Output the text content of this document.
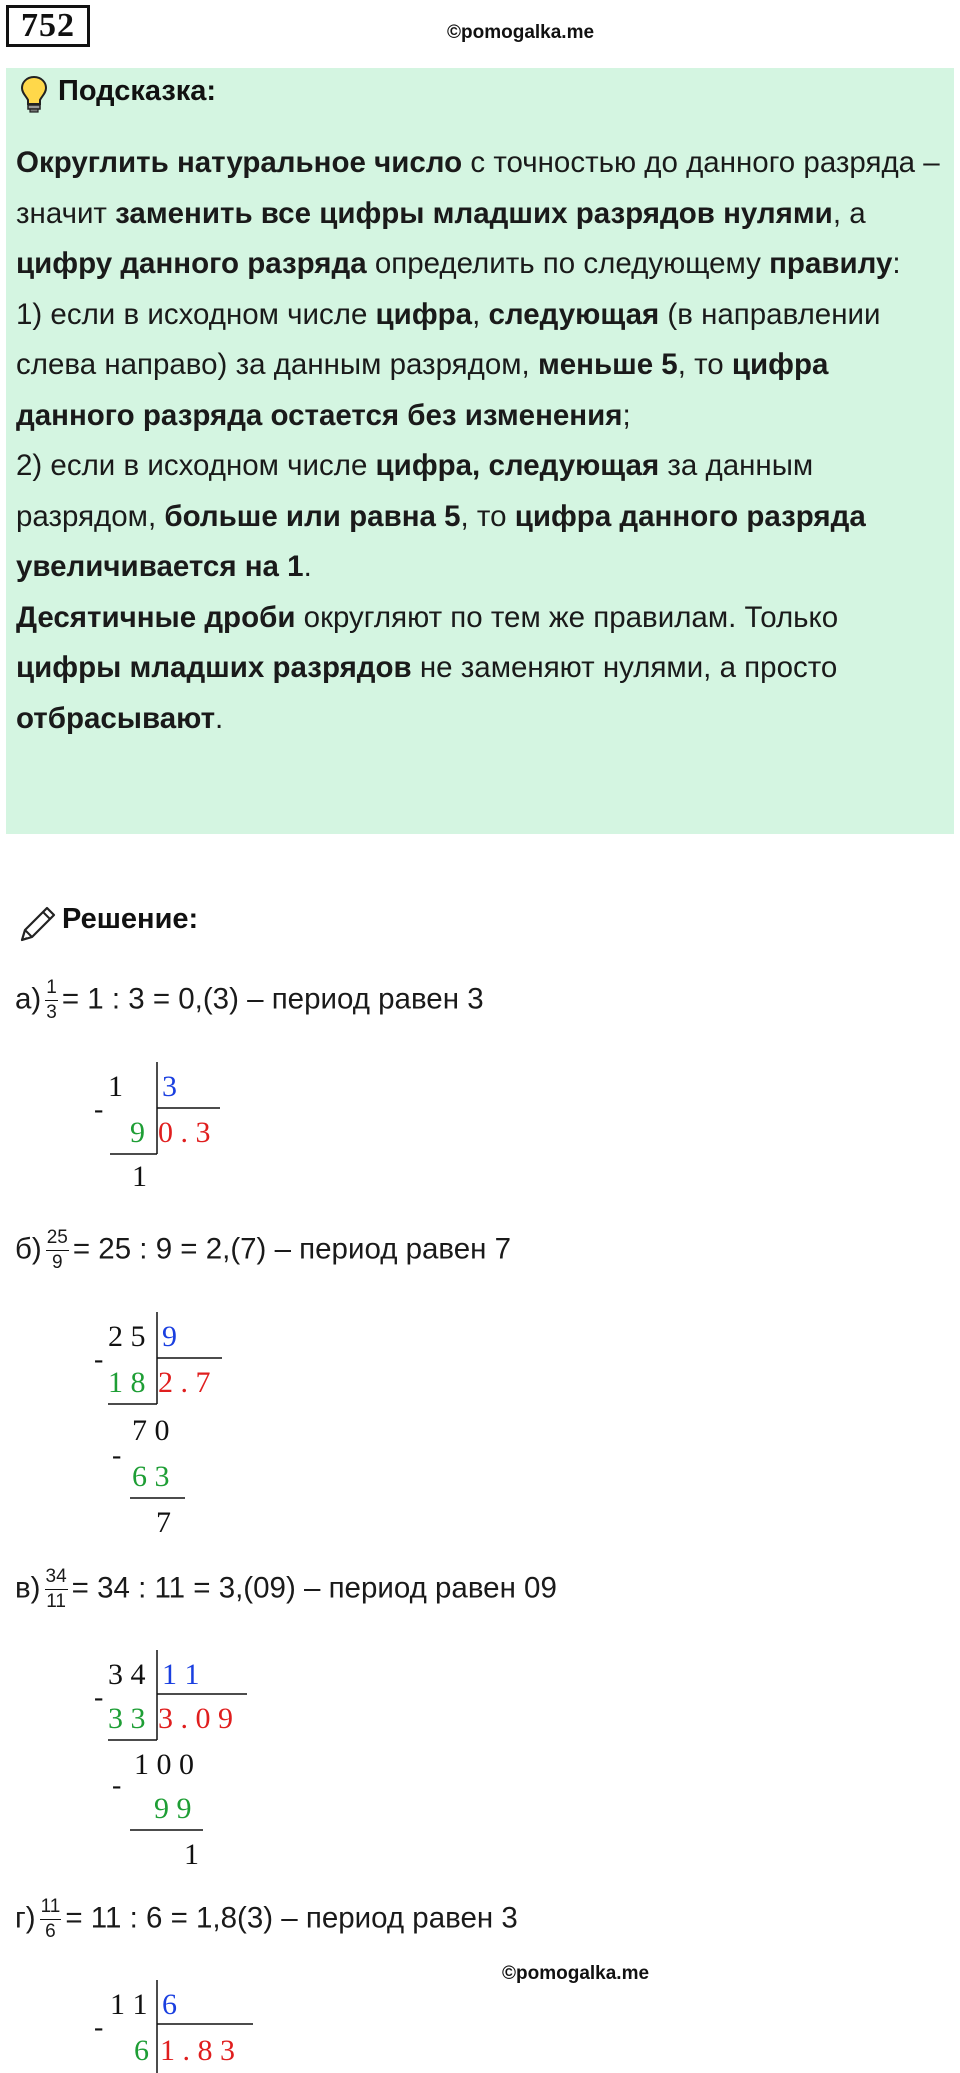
752	©pomogalka.me
Подсказка:

Округлить натуральное число с точностью до данного разряда – значит заменить все цифры младших разрядов нулями, а цифру данного разряда определить по следующему правилу:

1) если в исходном числе цифра, следующая (в направлении слева направо) за данным разрядом, меньше 5, то цифра данного разряда остается без изменения;

2) если в исходном числе цифра, следующая за данным разрядом, больше или равна 5, то цифра данного разряда увеличивается на 1.

Десятичные дроби округляют по тем же правилам. Только цифры младших разрядов не заменяют нулями, а просто отбрасывают.

Решение:
$а) \frac{1}{3} = 1$ : 3 = 0,(3) – период равен 3
-
1 3
9 0 . 3
1
$б) \frac{25}{9} = 25$ : 9 = 2,(7) – период равен 7
-
2 5 9
1 8 2 . 7
7 0
-
6 3
7
$в) \frac{34}{11} = 34$ : 11 = 3,(09) – период равен 09
-
3 4 1 1
3 3 3 . 0 9
1 0 0
-
9 9
1
$г) \frac{11}{6} = 11$ : 6 = 1,8(3) – период равен 3
©pomogalka.me
-
1 1 6
6 1 . 8 3
